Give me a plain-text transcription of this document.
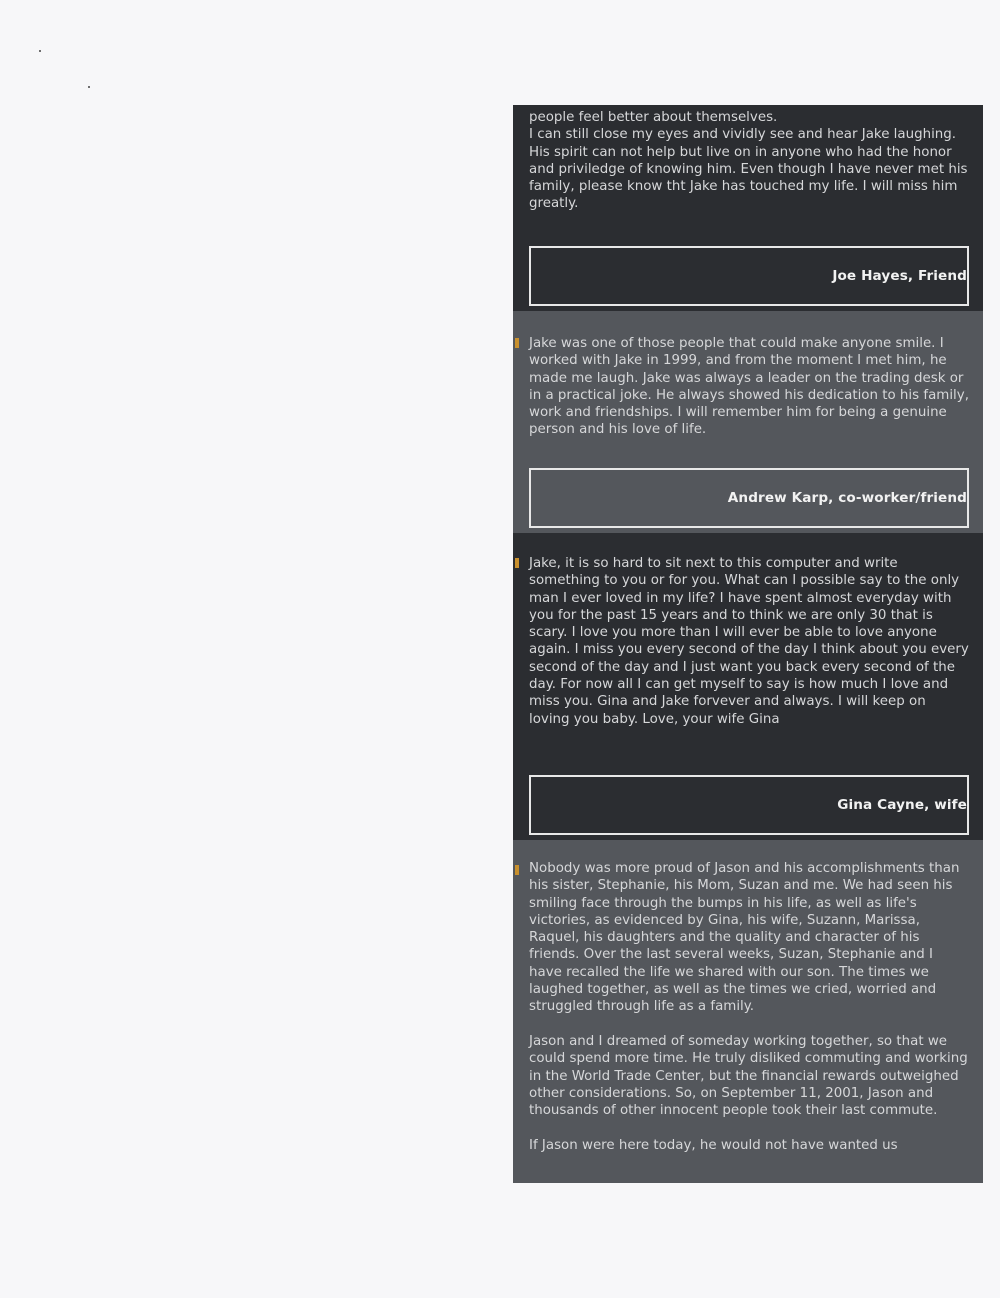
people feel better about themselves.
I can still close my eyes and vividly see and hear Jake laughing. His spirit can not help but live on in anyone who had the honor and priviledge of knowing him. Even though I have never met his family, please know tht Jake has touched my life. I will miss him greatly.

Joe Hayes, Friend

Jake was one of those people that could make anyone smile. I worked with Jake in 1999, and from the moment I met him, he made me laugh. Jake was always a leader on the trading desk or in a practical joke. He always showed his dedication to his family, work and friendships. I will remember him for being a genuine person and his love of life.

Andrew Karp, co-worker/friend

Jake, it is so hard to sit next to this computer and write something to you or for you. What can I possible say to the only man I ever loved in my life? I have spent almost everyday with you for the past 15 years and to think we are only 30 that is scary. I love you more than I will ever be able to love anyone again. I miss you every second of the day I think about you every second of the day and I just want you back every second of the day. For now all I can get myself to say is how much I love and miss you. Gina and Jake forvever and always. I will keep on loving you baby. Love, your wife Gina

Gina Cayne, wife

Nobody was more proud of Jason and his accomplishments than his sister, Stephanie, his Mom, Suzan and me. We had seen his smiling face through the bumps in his life, as well as life's victories, as evidenced by Gina, his wife, Suzann, Marissa, Raquel, his daughters and the quality and character of his friends. Over the last several weeks, Suzan, Stephanie and I have recalled the life we shared with our son. The times we laughed together, as well as the times we cried, worried and struggled through life as a family.

Jason and I dreamed of someday working together, so that we could spend more time. He truly disliked commuting and working in the World Trade Center, but the financial rewards outweighed other considerations. So, on September 11, 2001, Jason and thousands of other innocent people took their last commute.

If Jason were here today, he would not have wanted us
